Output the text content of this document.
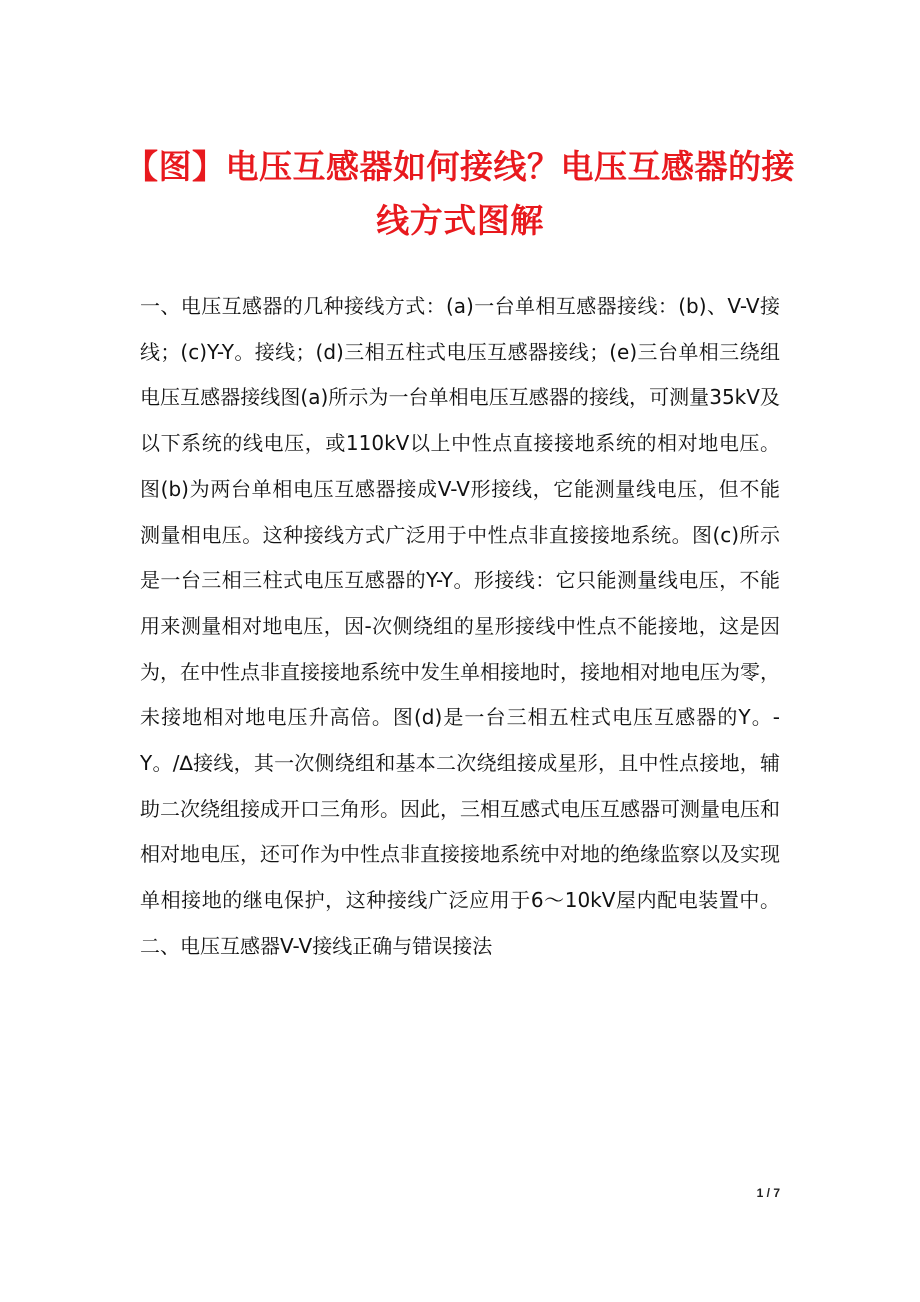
【图】电压互感器如何接线？电压互感器的接线方式图解

一、电压互感器的几种接线方式：(a)一台单相互感器接线：(b)、V-V接线；(c)Y-Y。接线；(d)三相五柱式电压互感器接线；(e)三台单相三绕组电压互感器接线图(a)所示为一台单相电压互感器的接线，可测量35kV及以下系统的线电压，或110kV以上中性点直接接地系统的相对地电压。图(b)为两台单相电压互感器接成V-V形接线，它能测量线电压，但不能测量相电压。这种接线方式广泛用于中性点非直接接地系统。图(c)所示是一台三相三柱式电压互感器的Y-Y。形接线：它只能测量线电压，不能用来测量相对地电压，因-次侧绕组的星形接线中性点不能接地，这是因为，在中性点非直接接地系统中发生单相接地时，接地相对地电压为零，未接地相对地电压升高倍。图(d)是一台三相五柱式电压互感器的Y。-Y。/∆接线，其一次侧绕组和基本二次绕组接成星形，且中性点接地，辅助二次绕组接成开口三角形。因此，三相互感式电压互感器可测量电压和相对地电压，还可作为中性点非直接接地系统中对地的绝缘监察以及实现单相接地的继电保护，这种接线广泛应用于6～10kV屋内配电装置中。二、电压互感器V-V接线正确与错误接法

1 / 7
